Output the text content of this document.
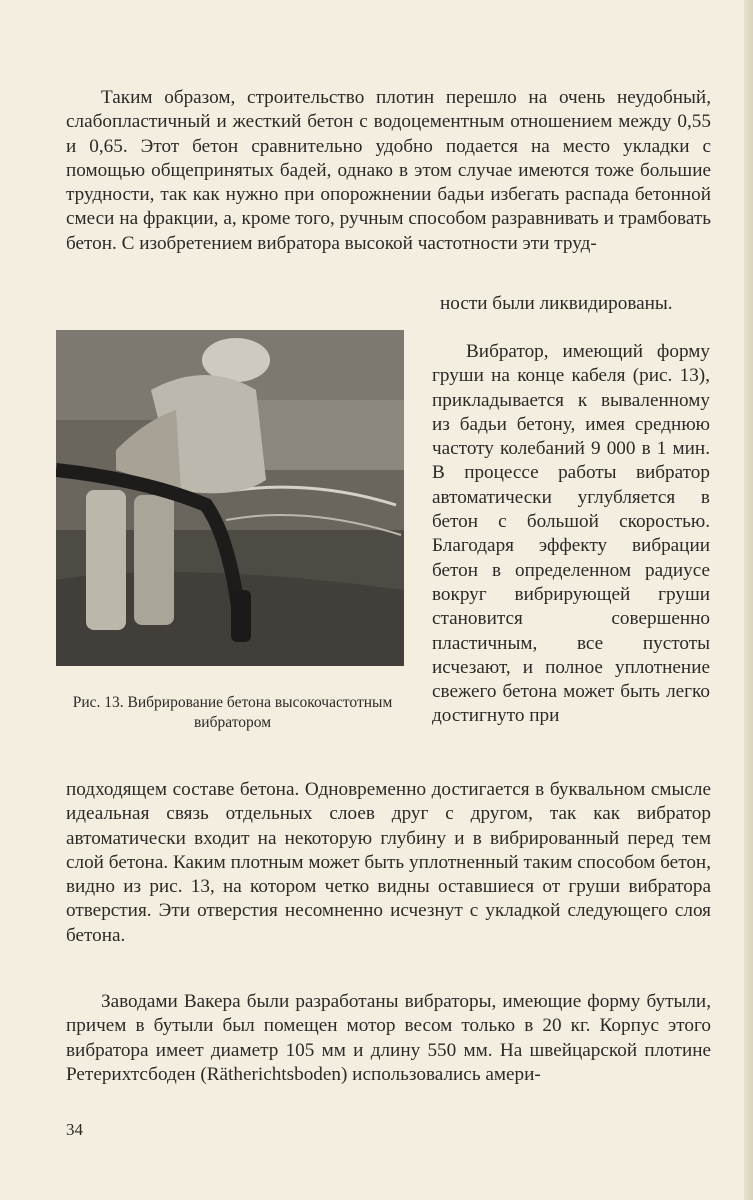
Таким образом, строительство плотин перешло на очень неудобный, слабопластичный и жесткий бетон с водоцементным отношением между 0,55 и 0,65. Этот бетон сравнительно удобно подается на место укладки с помощью общепринятых бадей, однако в этом случае имеются тоже большие трудности, так как нужно при опорожнении бадьи избегать распада бетонной смеси на фракции, а, кроме того, ручным способом разравнивать и трамбовать бетон. С изобретением вибратора высокой частотности эти труд-

ности были ликвидированы.

Рис. 13. Вибрирование бетона высокочастотным вибратором

Вибратор, имеющий форму груши на конце кабеля (рис. 13), прикладывается к вываленному из бадьи бетону, имея среднюю частоту колебаний 9 000 в 1 мин. В процессе работы вибратор автоматически углубляется в бетон с большой скоростью. Благодаря эффекту вибрации бетон в определенном радиусе вокруг вибрирующей груши становится совершенно пластичным, все пустоты исчезают, и полное уплотнение свежего бетона может быть легко достигнуто при

подходящем составе бетона. Одновременно достигается в буквальном смысле идеальная связь отдельных слоев друг с другом, так как вибратор автоматически входит на некоторую глубину и в вибрированный перед тем слой бетона. Каким плотным может быть уплотненный таким способом бетон, видно из рис. 13, на котором четко видны оставшиеся от груши вибратора отверстия. Эти отверстия несомненно исчезнут с укладкой следующего слоя бетона.

Заводами Вакера были разработаны вибраторы, имеющие форму бутыли, причем в бутыли был помещен мотор весом только в 20 кг. Корпус этого вибратора имеет диаметр 105 мм и длину 550 мм. На швейцарской плотине Ретерихтсбоден (Rätherichtsboden) использовались амери-

34
